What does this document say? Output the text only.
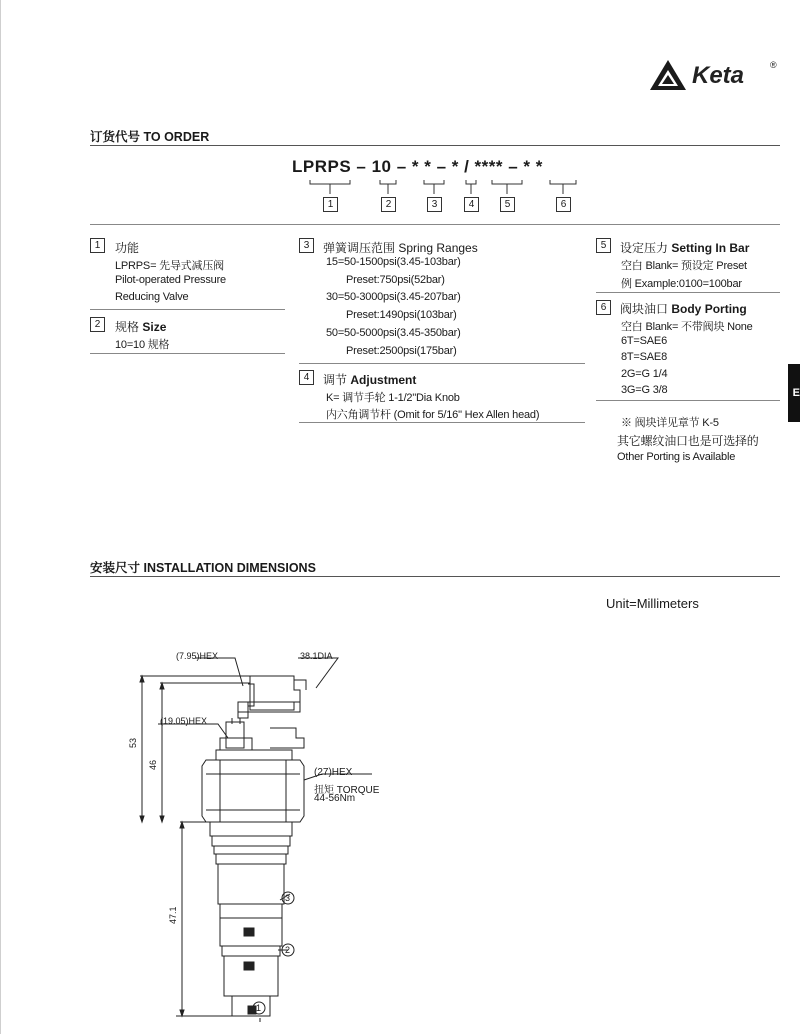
Keta	®
订货代号 TO ORDER
LPRPS – 10 – * * – * / **** – * *
1	2	3	4	5	6
1	功能
LPRPS= 先导式减压阀
Pilot-operated Pressure
Reducing Valve
2	规格 Size
10=10 规格
3	弹簧调压范围 Spring Ranges
15=50-1500psi(3.45-103bar)
Preset:750psi(52bar)
30=50-3000psi(3.45-207bar)
Preset:1490psi(103bar)
50=50-5000psi(3.45-350bar)
Preset:2500psi(175bar)
4	调节 Adjustment
K= 调节手轮 1-1/2"Dia Knob
内六角调节杆 (Omit for 5/16" Hex Allen head)
5	设定压力 Setting In Bar
空白 Blank= 预设定 Preset
例 Example:0100=100bar
6	阀块油口 Body Porting
空白 Blank= 不带阀块 None
6T=SAE6
8T=SAE8
2G=G 1/4
3G=G 3/8
※ 阀块详见章节 K-5
其它螺纹油口也是可选择的
Other Porting is Available
E
安装尺寸 INSTALLATION DIMENSIONS
Unit=Millimeters
(7.95)HEX	38.1DIA
(19.05)HEX
53
46
(27)HEX
扭矩 TORQUE
44-56Nm
47.1
3
2
1
